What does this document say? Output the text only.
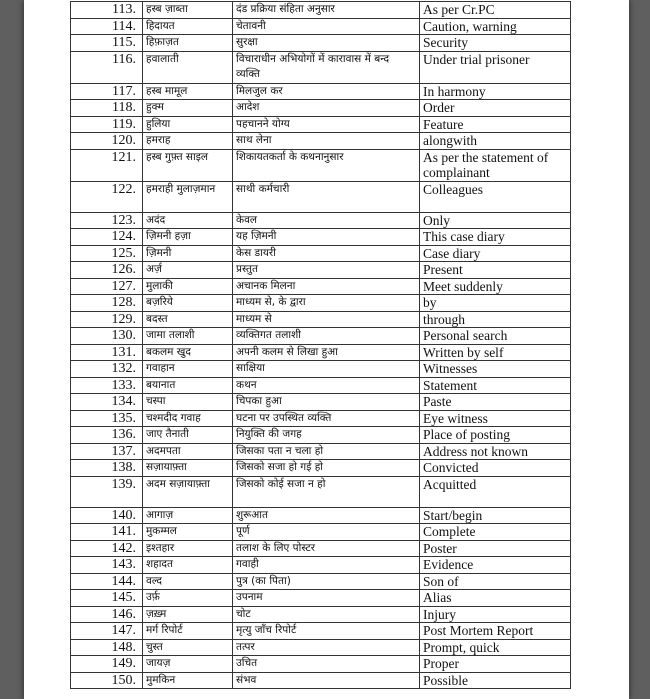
113.	हस्ब ज़ाब्ता	दंड प्रक्रिया संहिता अनुसार	As per Cr.PC
114.	हिदायत	चेतावनी	Caution, warning
115.	हिफ़ाज़त	सुरक्षा	Security
116.	हवालाती	विचाराधीन अभियोगों में कारावास में बन्द व्यक्ति	Under trial prisoner
117.	हस्ब मामूल	मिलजुल कर	In harmony
118.	हुक्म	आदेश	Order
119.	हुलिया	पहचानने योग्य	Feature
120.	हमराह	साथ लेना	alongwith
121.	हस्ब गुफ़्त साइल	शिकायतकर्ता के कथनानुसार	As per the statement of complainant
122.	हमराही मुलाज़मान	साथी कर्मचारी	Colleagues
123.	अदंद	केवल	Only
124.	ज़िमनी हज़ा	यह ज़िमनी	This case diary
125.	ज़िमनी	केस डायरी	Case diary
126.	अर्ज़	प्रस्तुत	Present
127.	मुलाकी	अचानक मिलना	Meet suddenly
128.	बज़रिये	माध्यम से, के द्वारा	by
129.	बदस्त	माध्यम से	through
130.	जामा तलाशी	व्यक्तिगत तलाशी	Personal search
131.	बकलम खुद	अपनी कलम से लिखा हुआ	Written by self
132.	गवाहान	साक्षिया	Witnesses
133.	बयानात	कथन	Statement
134.	चस्पा	चिपका हुआ	Paste
135.	चश्मदीद गवाह	घटना पर उपस्थित व्यक्ति	Eye witness
136.	जाए तैनाती	नियुक्ति की जगह	Place of posting
137.	अदमपता	जिसका पता न चला हो	Address not known
138.	सज़ायाफ़्ता	जिसको सजा हो गई हो	Convicted
139.	अदम सज़ायाफ़्ता	जिसको कोई सजा न हो	Acquitted
140.	आगाज़	शुरूआत	Start/begin
141.	मुकम्मल	पूर्ण	Complete
142.	इश्तहार	तलाश के लिए पोस्टर	Poster
143.	शहादत	गवाही	Evidence
144.	वल्द	पुत्र (का पिता)	Son of
145.	उर्फ़	उपनाम	Alias
146.	ज़ख़्म	चोट	Injury
147.	मर्ग रिपोर्ट	मृत्यु जाँच रिपोर्ट	Post Mortem Report
148.	चुस्त	तत्पर	Prompt, quick
149.	जायज़	उचित	Proper
150.	मुमकिन	संभव	Possible
